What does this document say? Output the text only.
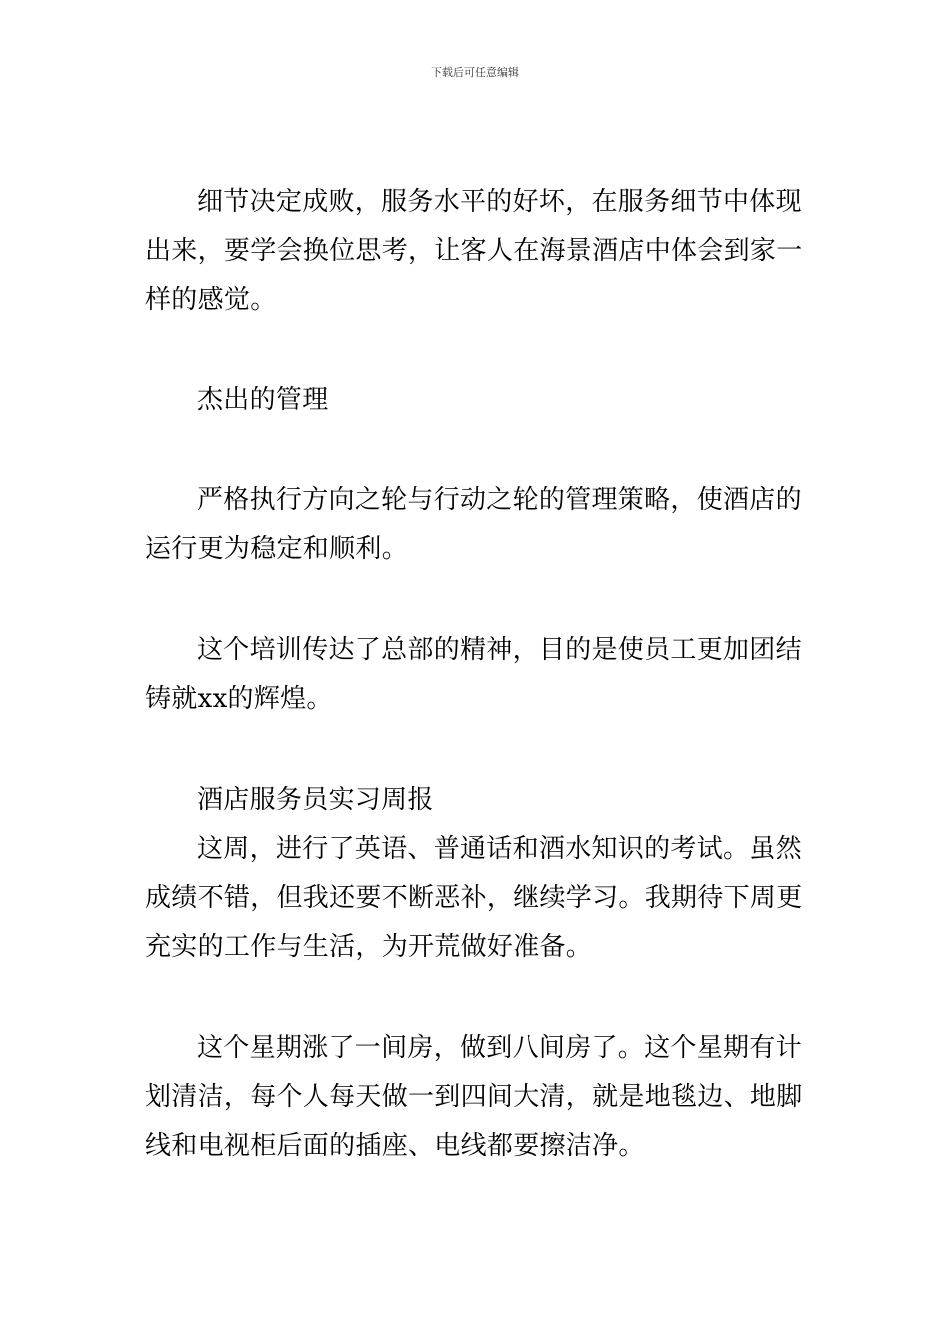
下载后可任意编辑

细节决定成败，服务水平的好坏，在服务细节中体现出来，要学会换位思考，让客人在海景酒店中体会到家一样的感觉。

杰出的管理

严格执行方向之轮与行动之轮的管理策略，使酒店的运行更为稳定和顺利。

这个培训传达了总部的精神，目的是使员工更加团结铸就xx的辉煌。

酒店服务员实习周报

这周，进行了英语、普通话和酒水知识的考试。虽然成绩不错，但我还要不断恶补，继续学习。我期待下周更充实的工作与生活，为开荒做好准备。

这个星期涨了一间房，做到八间房了。这个星期有计划清洁，每个人每天做一到四间大清，就是地毯边、地脚线和电视柜后面的插座、电线都要擦洁净。
